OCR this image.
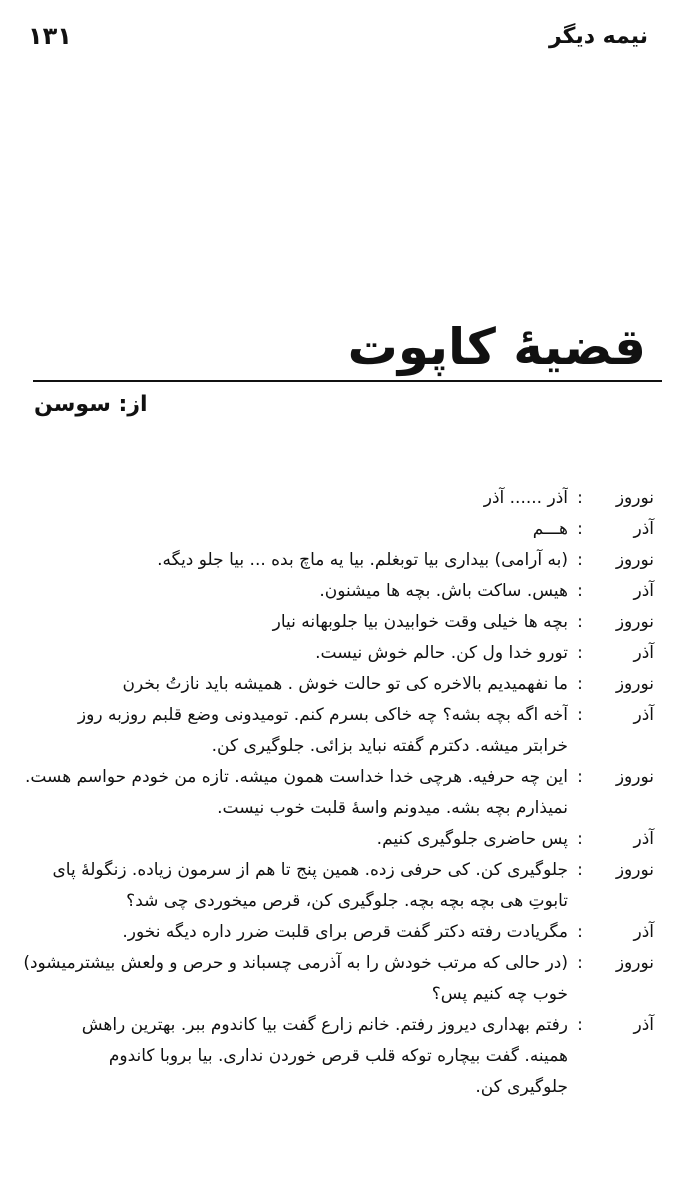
نیمه دیگر
۱۳۱
قضیهٔ کاپوت
از: سوسن
نوروز
:
آذر ...... آذر
آذر
:
هـــم
نوروز
:
(به آرامی) بیداری بیا توبغلم. بیا یه ماچ بده ... بیا جلو دیگه.
آذر
:
هیس. ساکت باش. بچه ها میشنون.
نوروز
:
بچه ها خیلی وقت خوابیدن بیا جلوبهانه نیار
آذر
:
تورو خدا ول کن. حالم خوش نیست.
نوروز
:
ما نفهمیدیم بالاخره کی تو حالت خوش . همیشه باید نازتُ بخرن
آذر
:
آخه اگه بچه بشه؟ چه خاکی بسرم کنم. تومیدونی وضع قلبم روزبه روز
خرابتر میشه. دکترم گفته نباید بزائی. جلوگیری کن.
نوروز
:
این چه حرفیه. هرچی خدا خداست همون میشه. تازه من خودم حواسم هست.
نمیذارم بچه بشه. میدونم واسهٔ قلبت خوب نیست.
آذر
:
پس حاضری جلوگیری کنیم.
نوروز
:
جلوگیری کن. کی حرفی زده. همین پنج تا هم از سرمون زیاده. زنگولهٔ پای
تابوتِ هی بچه بچه بچه. جلوگیری کن، قرص میخوردی چی شد؟
آذر
:
مگریادت رفته دکتر گفت قرص برای قلبت ضرر داره دیگه نخور.
نوروز
:
(در حالی که مرتب خودش را به آذرمی چسباند و حرص و ولعش بیشترمیشود)
خوب چه کنیم پس؟
آذر
:
رفتم بهداری دیروز رفتم. خانم زارع گفت بیا کاندوم ببر. بهترین راهش
همینه. گفت بیچاره توکه قلب قرص خوردن نداری. بیا بروبا کاندوم
جلوگیری کن.
